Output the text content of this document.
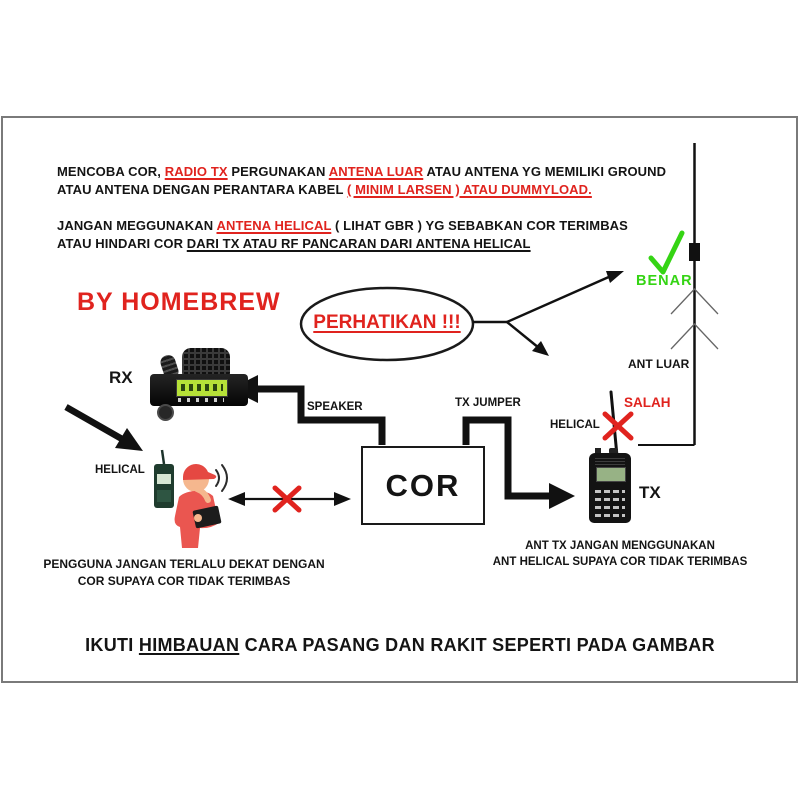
MENCOBA COR, RADIO TX PERGUNAKAN ANTENA LUAR ATAU ANTENA YG MEMILIKI GROUND
ATAU ANTENA DENGAN PERANTARA KABEL ( MINIM LARSEN ) ATAU DUMMYLOAD.
JANGAN MEGGUNAKAN ANTENA HELICAL ( LIHAT GBR ) YG SEBABKAN COR TERIMBAS
ATAU HINDARI COR DARI TX ATAU RF PANCARAN DARI ANTENA HELICAL
BY HOMEBREW
PERHATIKAN !!!
BENAR
ANT LUAR
RX
SPEAKER	TX JUMPER
HELICAL
SALAH
TX
HELICAL	COR
PENGGUNA JANGAN TERLALU DEKAT DENGAN
COR SUPAYA COR TIDAK TERIMBAS
ANT TX JANGAN MENGGUNAKAN
ANT HELICAL SUPAYA COR TIDAK TERIMBAS
IKUTI HIMBAUAN CARA PASANG DAN RAKIT SEPERTI PADA GAMBAR
